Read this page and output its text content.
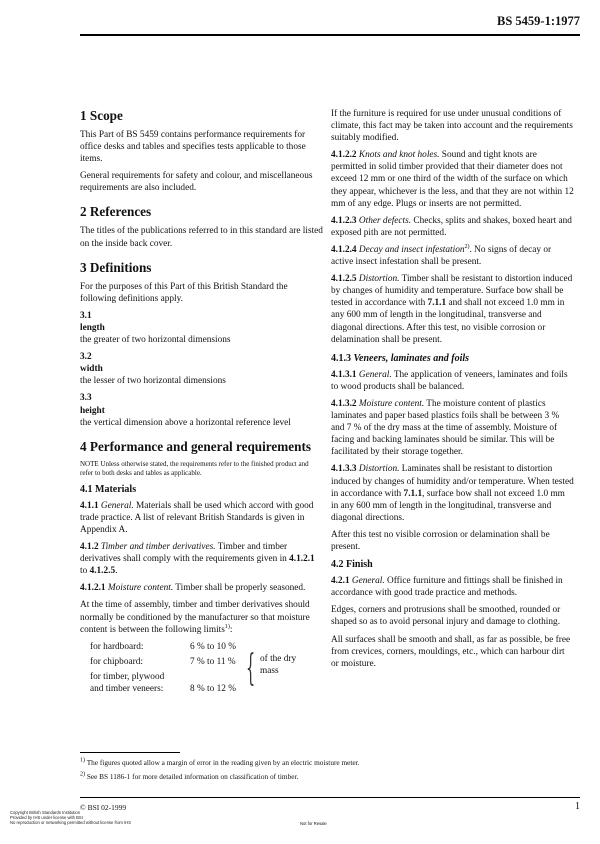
BS 5459-1:1977
1 Scope

This Part of BS 5459 contains performance requirements for office desks and tables and specifies tests applicable to those items.

General requirements for safety and colour, and miscellaneous requirements are also included.

2 References

The titles of the publications referred to in this standard are listed on the inside back cover.

3 Definitions

For the purposes of this Part of this British Standard the following definitions apply.

3.1

length

the greater of two horizontal dimensions

3.2

width

the lesser of two horizontal dimensions

3.3

height

the vertical dimension above a horizontal reference level

4 Performance and general requirements

NOTE Unless otherwise stated, the requirements refer to the finished product and refer to both desks and tables as applicable.

4.1 Materials

4.1.1 General. Materials shall be used which accord with good trade practice. A list of relevant British Standards is given in Appendix A.

4.1.2 Timber and timber derivatives. Timber and timber derivatives shall comply with the requirements given in 4.1.2.1 to 4.1.2.5.

4.1.2.1 Moisture content. Timber shall be properly seasoned.

At the time of assembly, timber and timber derivatives should normally be conditioned by the manufacturer so that moisture content is between the following limits$^{1)}$:

for hardboard:	6 % to 10 %
for chipboard:	7 % to 11 %
for timber, plywood
and timber veneers:	8 % to 12 % { of the dry mass

If the furniture is required for use under unusual conditions of climate, this fact may be taken into account and the requirements suitably modified.

4.1.2.2 Knots and knot holes. Sound and tight knots are permitted in solid timber provided that their diameter does not exceed 12 mm or one third of the width of the surface on which they appear, whichever is the less, and that they are not within 12 mm of any edge. Plugs or inserts are not permitted.

4.1.2.3 Other defects. Checks, splits and shakes, boxed heart and exposed pith are not permitted.

4.1.2.4 Decay and insect infestation$^{2)}$. No signs of decay or active insect infestation shall be present.

4.1.2.5 Distortion. Timber shall be resistant to distortion induced by changes of humidity and temperature. Surface bow shall be tested in accordance with 7.1.1 and shall not exceed 1.0 mm in any 600 mm of length in the longitudinal, transverse and diagonal directions. After this test, no visible corrosion or delamination shall be present.

4.1.3 Veneers, laminates and foils

4.1.3.1 General. The application of veneers, laminates and foils to wood products shall be balanced.

4.1.3.2 Moisture content. The moisture content of plastics laminates and paper based plastics foils shall be between 3 % and 7 % of the dry mass at the time of assembly. Moisture of facing and backing laminates should be similar. This will be facilitated by their storage together.

4.1.3.3 Distortion. Laminates shall be resistant to distortion induced by changes of humidity and/or temperature. When tested in accordance with 7.1.1, surface bow shall not exceed 1.0 mm in any 600 mm of length in the longitudinal, transverse and diagonal directions.

After this test no visible corrosion or delamination shall be present.

4.2 Finish

4.2.1 General. Office furniture and fittings shall be finished in accordance with good trade practice and methods.

Edges, corners and protrusions shall be smoothed, rounded or shaped so as to avoid personal injury and damage to clothing.

All surfaces shall be smooth and shall, as far as possible, be free from crevices, corners, mouldings, etc., which can harbour dirt or moisture.

$^{1)}$ The figures quoted allow a margin of error in the reading given by an electric moisture meter.
$^{2)}$ See BS 1186-1 for more detailed information on classification of timber.
© BSI 02-1999	1
Copyright British Standards Institution
Provided by IHS under license with BSI
No reproduction or networking permitted without license from IHS	Not for Resale
